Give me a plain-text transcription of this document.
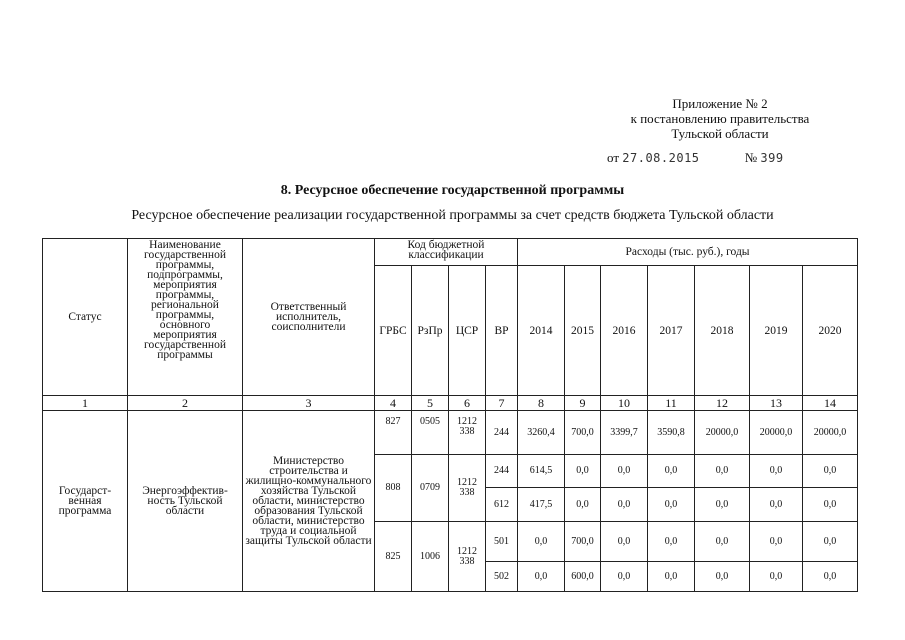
Приложение № 2
к постановлению правительства
Тульской области
от 27.08.2015	№ 399
8. Ресурсное обеспечение государственной программы
Ресурсное обеспечение реализации государственной программы за счет средств бюджета Тульской области
Статус	Наименование государственной программы, подпрограммы, мероприятия программы, региональной программы, основного мероприятия государственной программы	Ответственный исполнитель, соисполнители	Код бюджетной классификации				Расходы (тыс. руб.), годы						
			ГРБС	РзПр	ЦСР	ВР	2014	2015	2016	2017	2018	2019	2020
1	2	3	4	5	6	7	8	9	10	11	12	13	14
Государст-венная программа	Энергоэффектив-ность Тульской области	Министерство строительства и жилищно-коммунального хозяйства Тульской области, министерство образования Тульской области, министерство труда и социальной защиты Тульской области	827	0505	1212 338	244	3260,4	700,0	3399,7	3590,8	20000,0	20000,0	20000,0
			808	0709	1212 338	244	614,5	0,0	0,0	0,0	0,0	0,0	0,0
						612	417,5	0,0	0,0	0,0	0,0	0,0	0,0
			825	1006	1212 338	501	0,0	700,0	0,0	0,0	0,0	0,0	0,0
						502	0,0	600,0	0,0	0,0	0,0	0,0	0,0
